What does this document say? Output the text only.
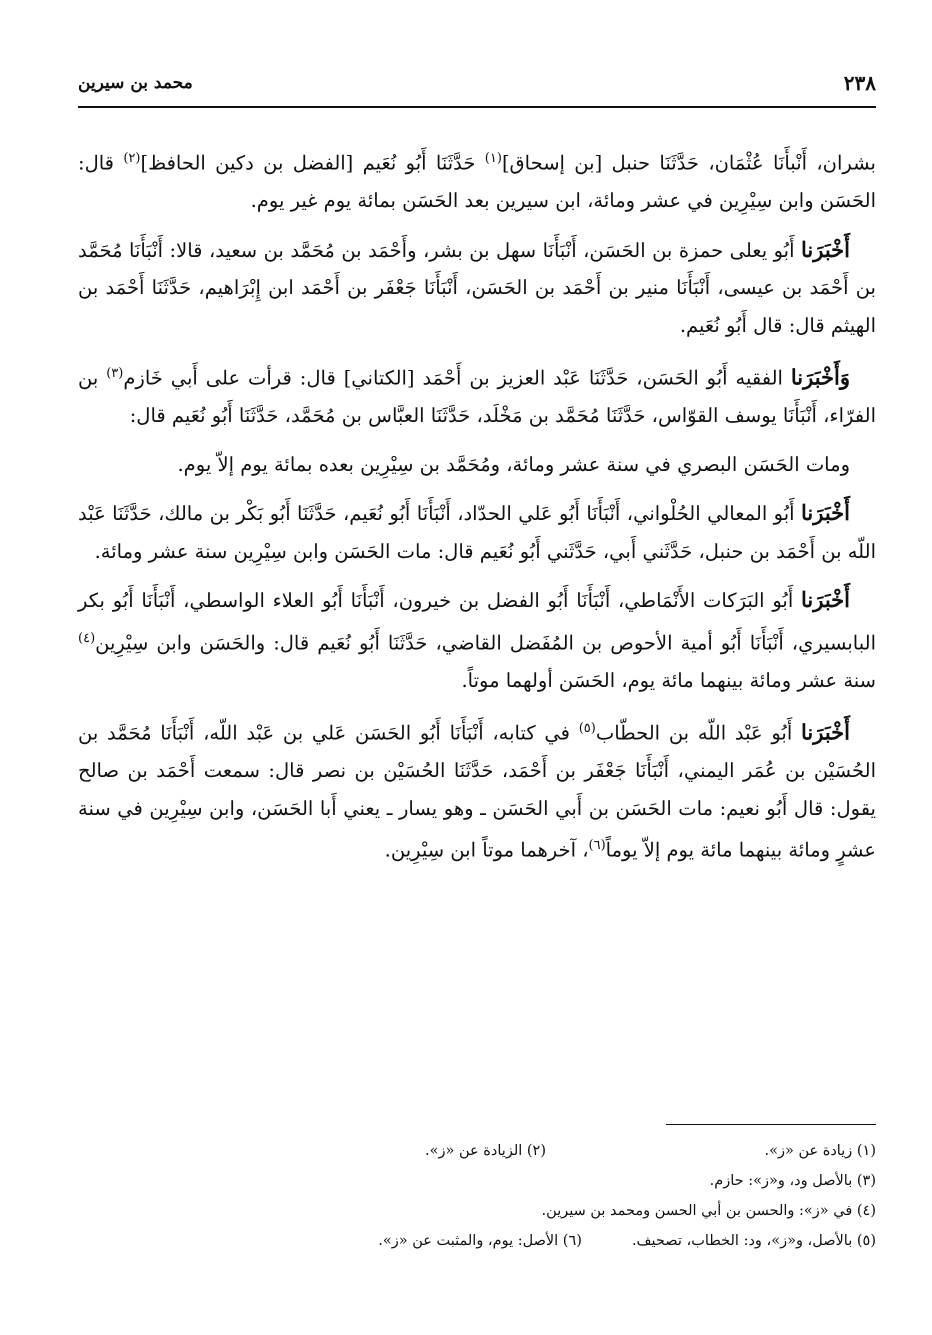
٢٣٨
محمد بن سيرين

بشران، أَنْبأَنَا عُثْمَان، حَدَّثَنَا حنبل [بن إسحاق]$^{(١)}$ حَدَّثَنَا أَبُو نُعَيم [الفضل بن دكين الحافظ]$^{(٢)}$ قال: الحَسَن وابن سِيْرِين في عشر ومائة، ابن سيرين بعد الحَسَن بمائة يوم غير يوم.

أَخْبَرَنا أَبُو يعلى حمزة بن الحَسَن، أَنْبَأَنَا سهل بن بشر، وأَحْمَد بن مُحَمَّد بن سعيد، قالا: أَنْبَأَنَا مُحَمَّد بن أَحْمَد بن عيسى، أَنْبَأَنَا منير بن أَحْمَد بن الحَسَن، أَنْبَأَنَا جَعْفَر بن أَحْمَد ابن إِبْرَاهيم، حَدَّثَنَا أَحْمَد بن الهيثم قال: قال أَبُو نُعَيم.

وَأَخْبَرَنا الفقيه أَبُو الحَسَن، حَدَّثَنَا عَبْد العزيز بن أَحْمَد [الكتاني] قال: قرأت على أَبي خَازم$^{(٣)}$ بن الفرّاء، أَنْبَأَنَا يوسف القوّاس، حَدَّثَنَا مُحَمَّد بن مَخْلَد، حَدَّثَنَا العبَّاس بن مُحَمَّد، حَدَّثَنَا أَبُو نُعَيم قال:

ومات الحَسَن البصري في سنة عشر ومائة، ومُحَمَّد بن سِيْرِين بعده بمائة يوم إلاّ يوم.

أَخْبَرَنا أَبُو المعالي الحُلْواني، أَنْبَأَنَا أَبُو عَلي الحدّاد، أَنْبَأَنَا أَبُو نُعَيم، حَدَّثَنَا أَبُو بَكْر بن مالك، حَدَّثَنَا عَبْد اللّه بن أَحْمَد بن حنبل، حَدَّثَني أَبي، حَدَّثَني أَبُو نُعَيم قال: مات الحَسَن وابن سِيْرِين سنة عشر ومائة.

أَخْبَرَنا أَبُو البَرَكات الأَنْمَاطي، أَنْبَأَنَا أَبُو الفضل بن خيرون، أَنْبَأَنَا أَبُو العلاء الواسطي، أَنْبَأَنَا أَبُو بكر البابسيري، أَنْبَأَنَا أَبُو أمية الأحوص بن المُفَضل القاضي، حَدَّثَنَا أَبُو نُعَيم قال: والحَسَن وابن سِيْرِين$^{(٤)}$ سنة عشر ومائة بينهما مائة يوم، الحَسَن أولهما موتاً.

أَخْبَرَنا أَبُو عَبْد اللّه بن الحطّاب$^{(٥)}$ في كتابه، أَنْبَأَنَا أَبُو الحَسَن عَلي بن عَبْد اللّه، أَنْبَأَنَا مُحَمَّد بن الحُسَيْن بن عُمَر اليمني، أَنْبَأَنَا جَعْفَر بن أَحْمَد، حَدَّثَنَا الحُسَيْن بن نصر قال: سمعت أَحْمَد بن صالح يقول: قال أَبُو نعيم: مات الحَسَن بن أَبي الحَسَن ـ وهو يسار ـ يعني أَبا الحَسَن، وابن سِيْرِين في سنة عشرٍ ومائة بينهما مائة يوم إلاّ يوماً$^{(٦)}$، آخرهما موتاً ابن سِيْرِين.

(١) زيادة عن «ز».
(٢) الزيادة عن «ز».
(٣) بالأصل ود، و«ز»: حازم.
(٤) في «ز»: والحسن بن أبي الحسن ومحمد بن سيرين.
(٥) بالأصل، و«ز»، ود: الخطاب، تصحيف.
(٦) الأصل: يوم، والمثبت عن «ز».
